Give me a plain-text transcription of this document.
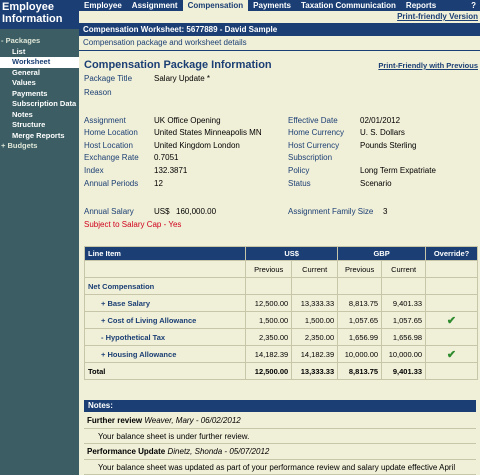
Employee
Information
Employee	Assignment	Compensation	Payments	Taxation Communication	Reports	?
Compensation Worksheet: 5677889 - David Sample
Print-friendly Version
Compensation package and worksheet details
- Packages
List
Worksheet
General
Values
Payments
Subscription Data
Notes
Structure
Merge Reports
+ Budgets
Compensation Package Information	Print-Friendly with Previous
Package Title	Salary Update *
Reason
Assignment	UK Office Opening
Home Location United States Minneapolis MN
Host Location	United Kingdom London
Exchange Rate 0.7051
Index	132.3871
Annual Periods 12
Effective Date	02/01/2012
Home Currency U. S. Dollars
Host Currency	Pounds Sterling
Subscription
Policy	Long Term Expatriate
Status	Scenario
Annual Salary	US$ 160,000.00	Assignment Family Size 3
Subject to Salary Cap - Yes
Line Item	US$		GBP		Override?
	Previous	Current	Previous	Current	
Net Compensation					
+ Base Salary	12,500.00	13,333.33	8,813.75	9,401.33	
+ Cost of Living Allowance	1,500.00	1,500.00	1,057.65	1,057.65	✔
- Hypothetical Tax	2,350.00	2,350.00	1,656.99	1,656.98	
+ Housing Allowance	14,182.39	14,182.39	10,000.00	10,000.00	✔
Total	12,500.00	13,333.33	8,813.75	9,401.33	
Notes:
Further review Weaver, Mary - 06/02/2012
Your balance sheet is under further review.
Performance Update Dinetz, Shonda - 05/07/2012
Your balance sheet was updated as part of your performance review and salary update effective April
